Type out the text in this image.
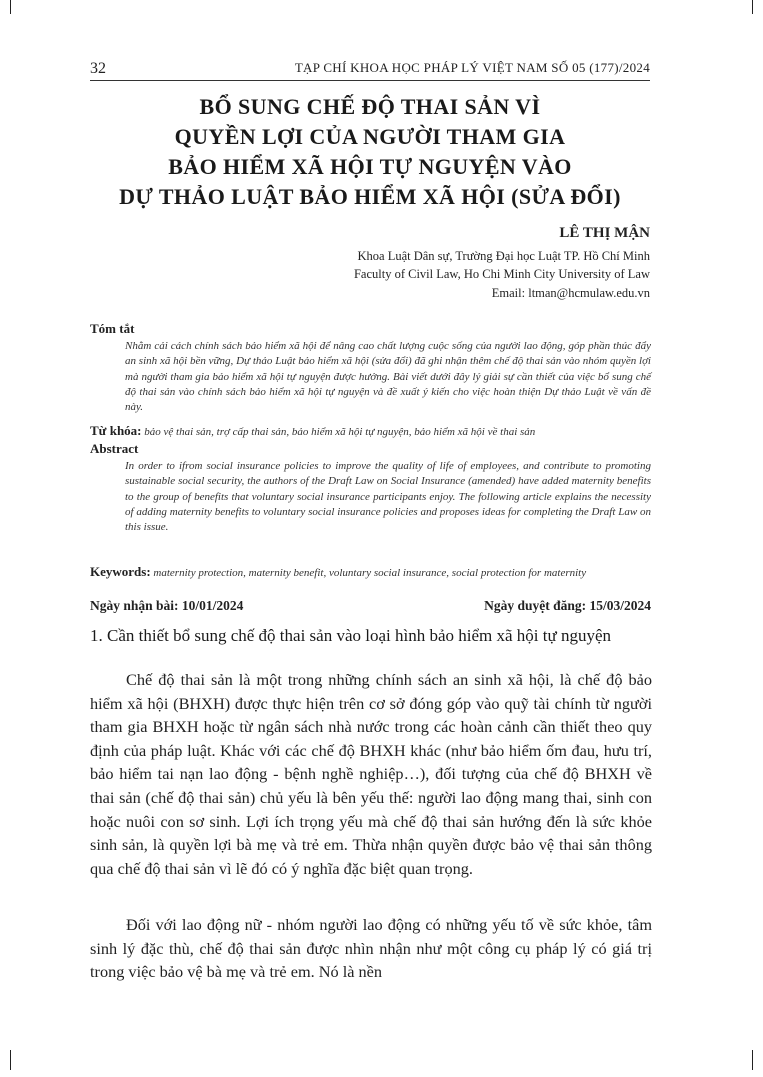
32	TẠP CHÍ KHOA HỌC PHÁP LÝ VIỆT NAM SỐ 05 (177)/2024
BỔ SUNG CHẾ ĐỘ THAI SẢN VÌ
QUYỀN LỢI CỦA NGƯỜI THAM GIA
BẢO HIỂM XÃ HỘI TỰ NGUYỆN VÀO
DỰ THẢO LUẬT BẢO HIỂM XÃ HỘI (SỬA ĐỔI)
LÊ THỊ MẬN
Khoa Luật Dân sự, Trường Đại học Luật TP. Hồ Chí Minh
Faculty of Civil Law, Ho Chi Minh City University of Law
Email: ltman@hcmulaw.edu.vn
Tóm tắt
Nhằm cải cách chính sách bảo hiểm xã hội để nâng cao chất lượng cuộc sống của người lao động, góp phần thúc đẩy an sinh xã hội bền vững, Dự thảo Luật bảo hiểm xã hội (sửa đổi) đã ghi nhận thêm chế độ thai sản vào nhóm quyền lợi mà người tham gia bảo hiểm xã hội tự nguyện được hưởng. Bài viết dưới đây lý giải sự cần thiết của việc bổ sung chế độ thai sản vào chính sách bảo hiểm xã hội tự nguyện và đề xuất ý kiến cho việc hoàn thiện Dự thảo Luật về vấn đề này.
Từ khóa: bảo vệ thai sản, trợ cấp thai sản, bảo hiểm xã hội tự nguyện, bảo hiểm xã hội về thai sản
Abstract
In order to ifrom social insurance policies to improve the quality of life of employees, and contribute to promoting sustainable social security, the authors of the Draft Law on Social Insurance (amended) have added maternity benefits to the group of benefits that voluntary social insurance participants enjoy. The following article explains the necessity of adding maternity benefits to voluntary social insurance policies and proposes ideas for completing the Draft Law on this issue.
Keywords: maternity protection, maternity benefit, voluntary social insurance, social protection for maternity
Ngày nhận bài: 10/01/2024	Ngày duyệt đăng: 15/03/2024
1. Cần thiết bổ sung chế độ thai sản vào loại hình bảo hiểm xã hội tự nguyện
Chế độ thai sản là một trong những chính sách an sinh xã hội, là chế độ bảo hiểm xã hội (BHXH) được thực hiện trên cơ sở đóng góp vào quỹ tài chính từ người tham gia BHXH hoặc từ ngân sách nhà nước trong các hoàn cảnh cần thiết theo quy định của pháp luật. Khác với các chế độ BHXH khác (như bảo hiểm ốm đau, hưu trí, bảo hiểm tai nạn lao động - bệnh nghề nghiệp…), đối tượng của chế độ BHXH về thai sản (chế độ thai sản) chủ yếu là bên yếu thế: người lao động mang thai, sinh con hoặc nuôi con sơ sinh. Lợi ích trọng yếu mà chế độ thai sản hướng đến là sức khỏe sinh sản, là quyền lợi bà mẹ và trẻ em. Thừa nhận quyền được bảo vệ thai sản thông qua chế độ thai sản vì lẽ đó có ý nghĩa đặc biệt quan trọng.
Đối với lao động nữ - nhóm người lao động có những yếu tố về sức khỏe, tâm sinh lý đặc thù, chế độ thai sản được nhìn nhận như một công cụ pháp lý có giá trị trong việc bảo vệ bà mẹ và trẻ em. Nó là nền
